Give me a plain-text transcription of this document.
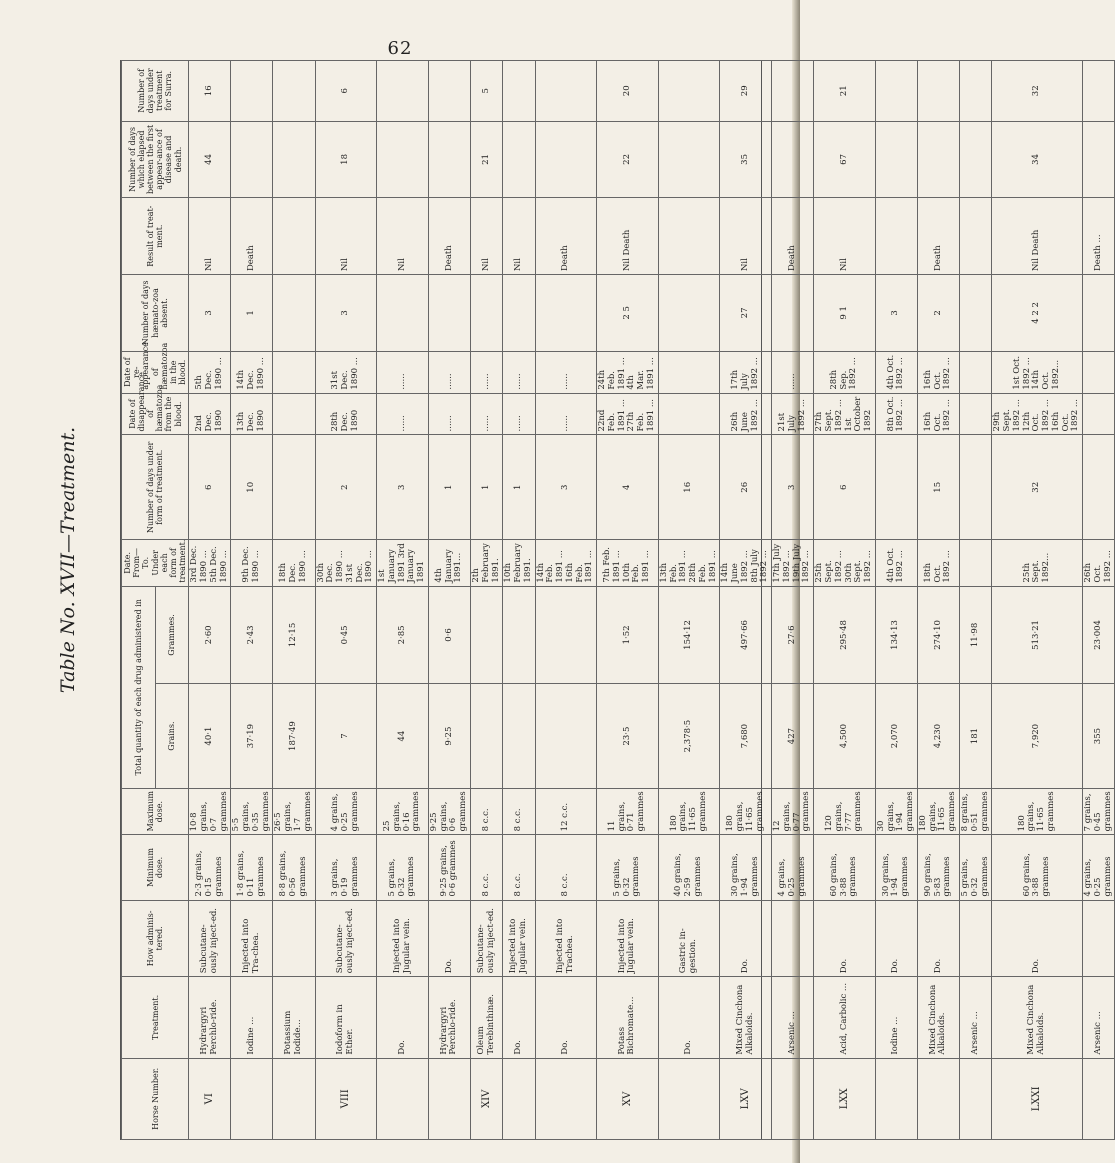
62
Table No. XVII—Treatment.
Horse Number.	Treatment.	How adminis-tered.	Minimum dose.	Maximum dose.	Total quantity of each drug administered in		Date. From—To. Under each form of treatment.	Number of days under form of treatment.	Date of disappearance of hæmatozoa from the blood.	Date of re-appearance of hæmatozoa in the blood.	Number of days hæmato-zoa absent.	Result of treat-ment.	Number of days which elapsed between the first appear-ance of disease and death.	Number of days under treatment for Surra.
					Grains.	Grammes.								
VI	Hydrargyri Perchlo-ride.	Subcutane-ously inject-ed.	2·3 grains, 0·15 grammes	10·8 grains, 0·7 grammes	40·1	2·60	3rd Dec. 1890 ... 5th Dec. 1890 ...	6	2nd Dec. 1890	5th Dec. 1890 ...	3	Nil	44	16
	Iodine ...	Injected into Tra-chea.	1·8 grains, 0·11 grammes	5·5 grains, 0·35 grammes	37·19	2·43	9th Dec. 1890 ...	10	13th Dec. 1890	14th Dec. 1890 ...	1	Death		
	Potassium Iodide...		8·8 grains, 0·56 grammes	26·5 grains, 1·7 grammes	187·49	12·15	18th Dec. 1890 ...							
VIII	Iodoform in Ether.	Subcutane-ously inject-ed.	3 grains, 0·19 grammes	4 grains, 0·25 grammes	7	0·45	30th Dec. 1890 ... 31st Dec. 1890 ...	2	28th Dec. 1890	31st Dec. 1890 ...	3	Nil	18	6
	Do.	Injected into Jugular vein.	5 grains, 0·32 grammes	25 grains, 0·16 grammes	44	2·85	1st January 1891 3rd January 1891	3	......	......		Nil		
	Hydrargyri Perchlo-ride.	Do.	9·25 grains, 0·6 grammes	9·25 grains, 0·6 grammes	9·25	0·6	4th January 1891...	1	......	......		Death		
XIV	Oleum Terebinthinæ.	Subcutane-ously inject-ed.	8 c.c.	8 c.c.			2th February 1891.	1	......	......		Nil	21	5
	Do.	Injected into Jugular vein.	8 c.c.	8 c.c.			10th February 1891.	1	......	......		Nil		
	Do.	Injected into Trachea.	8 c.c.	12 c.c.			14th Feb. 1891 ... 16th Feb. 1891 ...	3	......	......		Death		
XV	Potass Bichromate...	Injected into Jugular vein.	5 grains, 0·32 grammes	11 grains, 0·71 grammes	23·5	1·52	7th Feb. 1891 ... 10th Feb. 1891 ...	4	22nd Feb. 1891 ... 27th Feb. 1891 ...	24th Feb. 1891 ... 4th Mar. 1891 ...	2 5	Nil Death	22	20
	Do.	Gastric in-gestion.	40 grains, 2·59 grammes	180 grains, 11·65 grammes	2,378·5	154·12	13th Feb. 1891 ... 28th Feb. 1891 ...	16						
LXV	Mixed Cinchona Alkaloids.	Do.	30 grains, 1·94 grammes	180 grains, 11·65 grammes	7,680	497·66	14th June 1892 ... 8th July 1892 ...	26	26th June 1892 ...	17th July 1892 ...	27	Nil	35	29
	Arsenic ...		4 grains, 0·25 grammes	12 grains, 0·77 grammes	427	27·6	17th July 1892 ... 19th July 1892 ...	3	21st July 1892 ...	......		Death		
LXX	Acid, Carbolic ...	Do.	60 grains, 3·88 grammes	120 grains, 7·77 grammes	4,500	295·48	25th Sept. 1892 ... 30th Sept. 1892 ...	6	27th Sept. 1892 ... 1st October 1892	28th Sep. 1892 ...	9 1	Nil	67	21
	Iodine ...	Do.	30 grains, 1·94 grammes	30 grains, 1·94 grammes	2,070	134·13	4th Oct. 1892 ...		8th Oct. 1892 ...	4th Oct. 1892 ...	3			
	Mixed Cinchona Alkaloids.	Do.	90 grains, 5·83 grammes	180 grains, 11·65 grammes	4,230	274·10	18th Oct. 1892 ...	15	16th Oct. 1892 ...	16th Oct. 1892 ...	2	Death		
	Arsenic ...		5 grains, 0·32 grammes	8 grains, 0·51 grammes	181	11·98								
LXXI	Mixed Cinchona Alkaloids.	Do.	60 grains, 3·88 grammes	180 grains, 11·65 grammes	7,920	513·21	25th Sept. 1892...	32	29th Sept. 1892 ... 12th Oct. 1892 ... 16th Oct. 1892 ...	1st Oct. 1892 ... 14th Oct. 1892...	4 2 2	Nil Death	34	32
	Arsenic ...		4 grains, 0·25 grammes	7 grains, 0·45 grammes	355	23·004	26th Oct. 1892 ...					Death ...		
